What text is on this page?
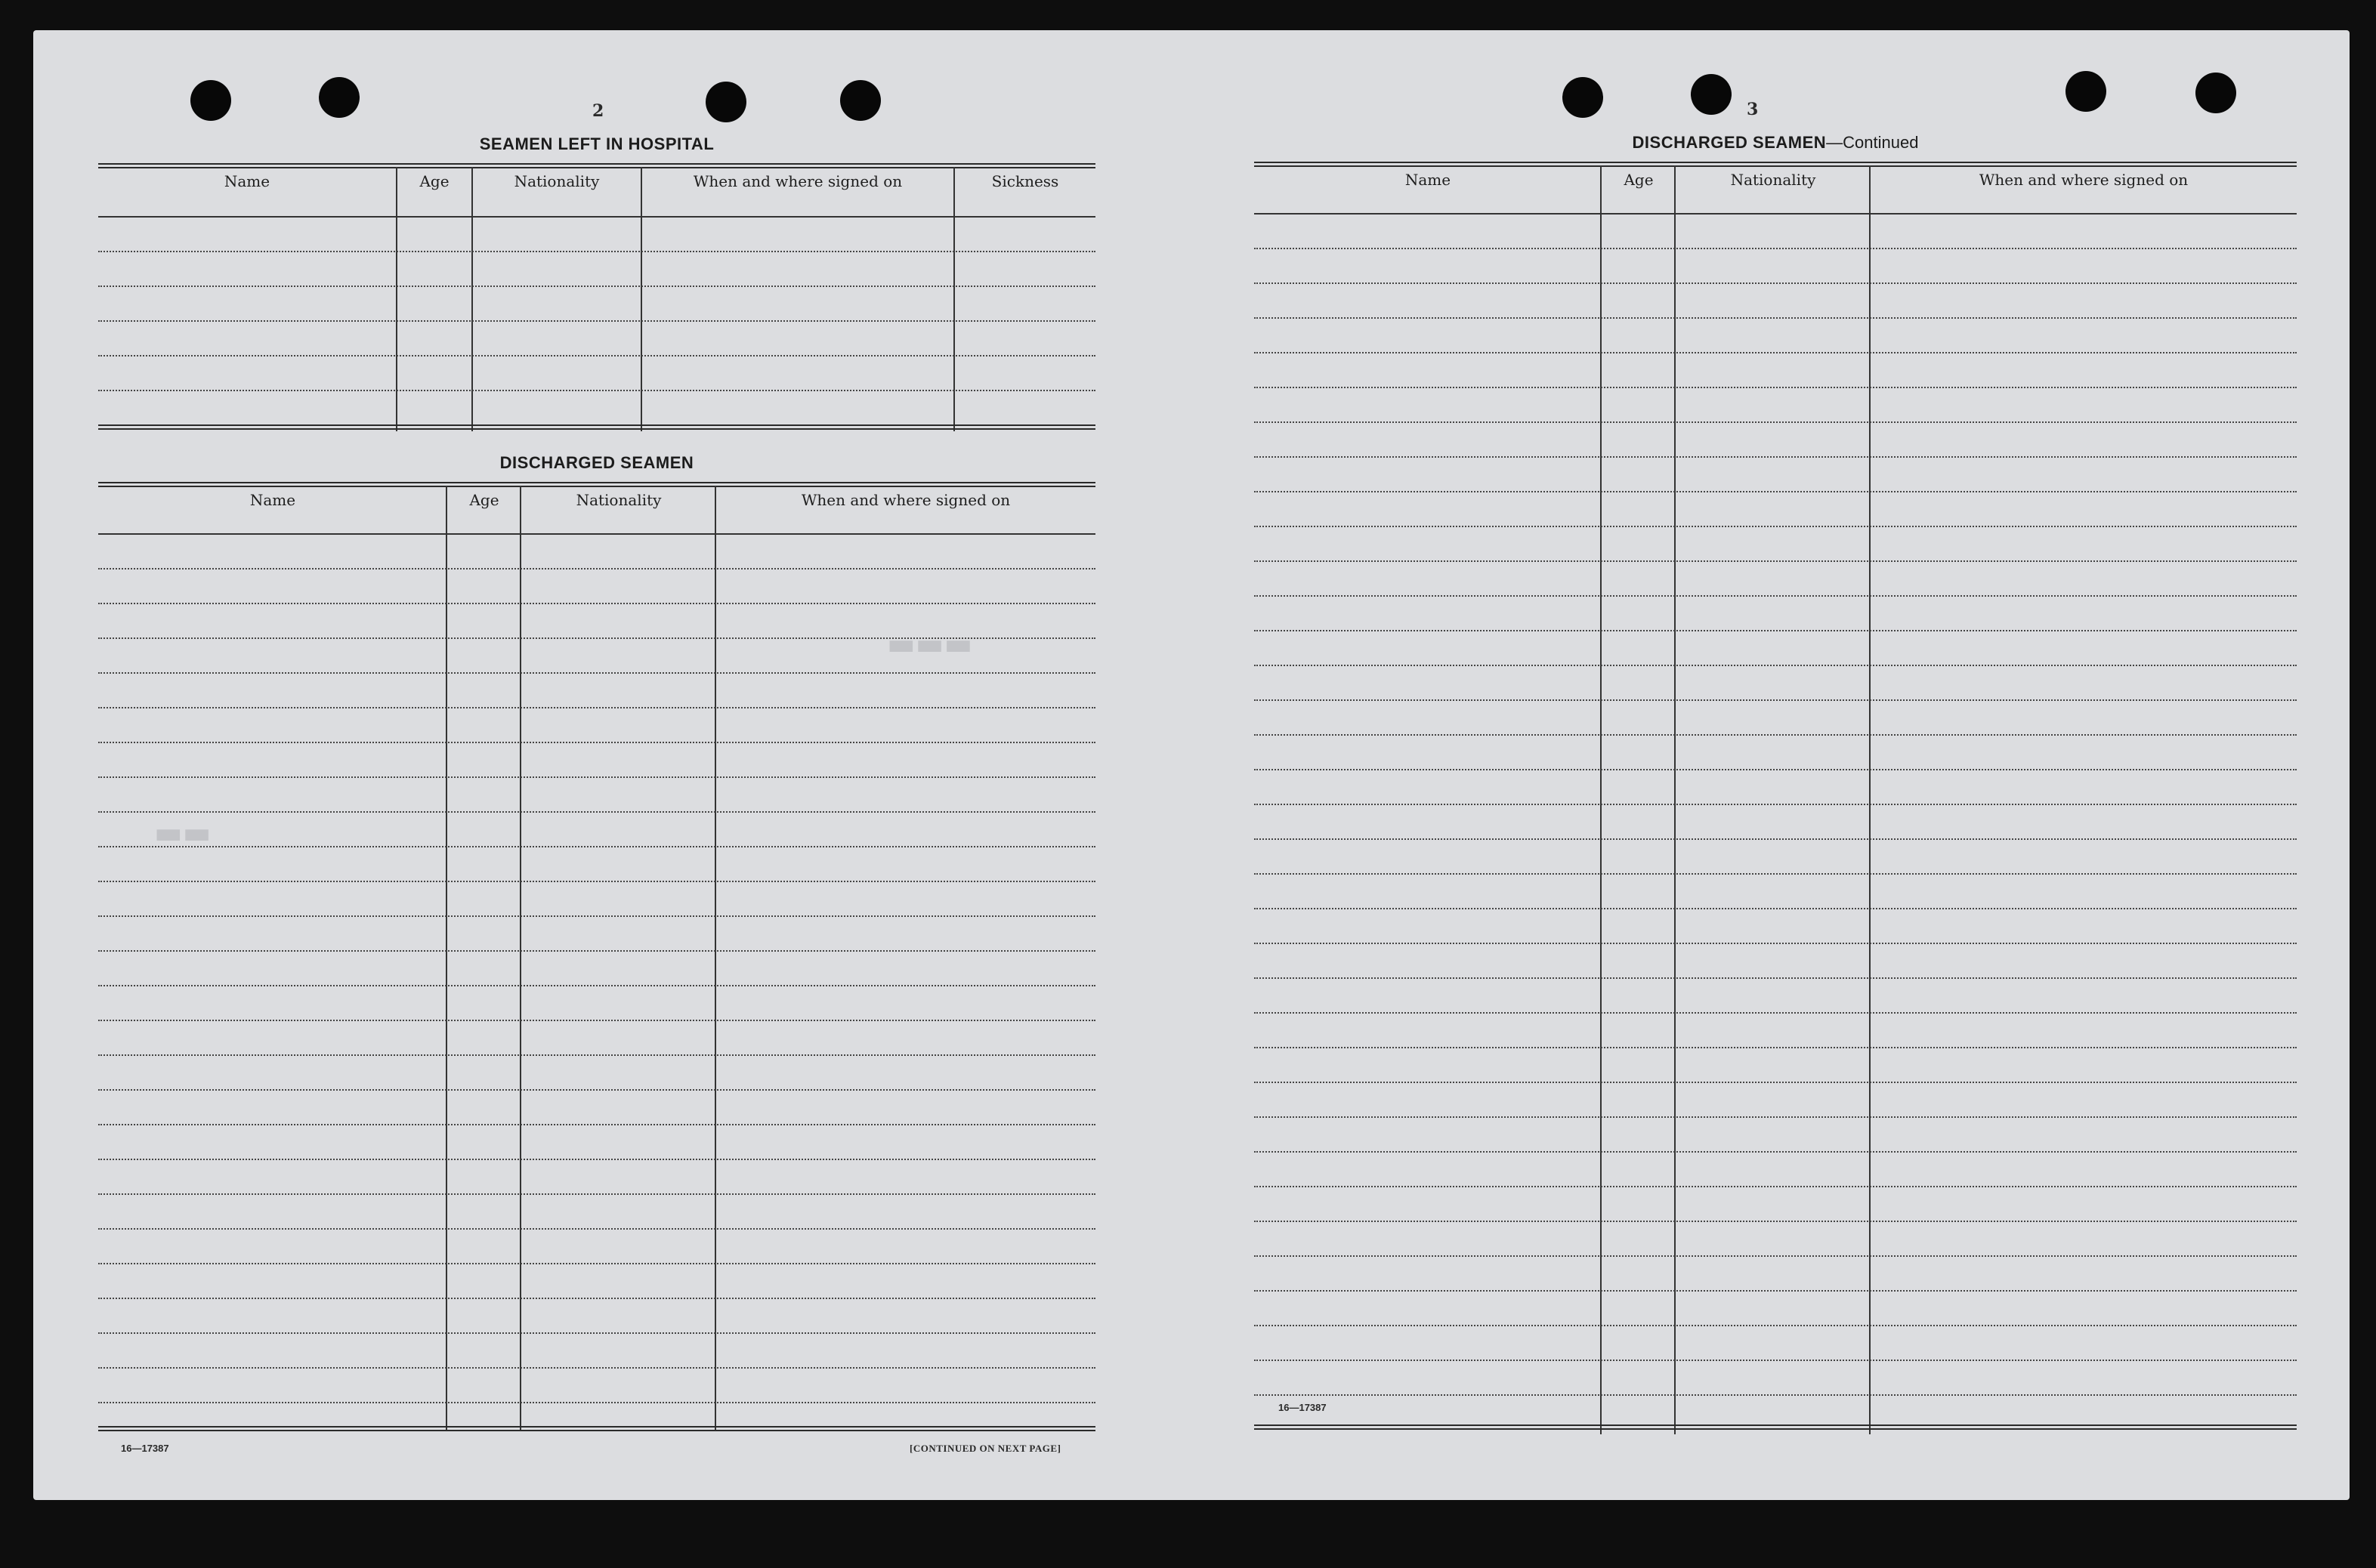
▬▬▬
▬▬
2
SEAMEN LEFT IN HOSPITAL
Name	Age	Nationality	When and where signed on	Sickness
DISCHARGED SEAMEN
Name	Age	Nationality	When and where signed on
16—17387	[CONTINUED ON NEXT PAGE]
3
DISCHARGED SEAMEN—Continued
Name	Age	Nationality	When and where signed on
16—17387
